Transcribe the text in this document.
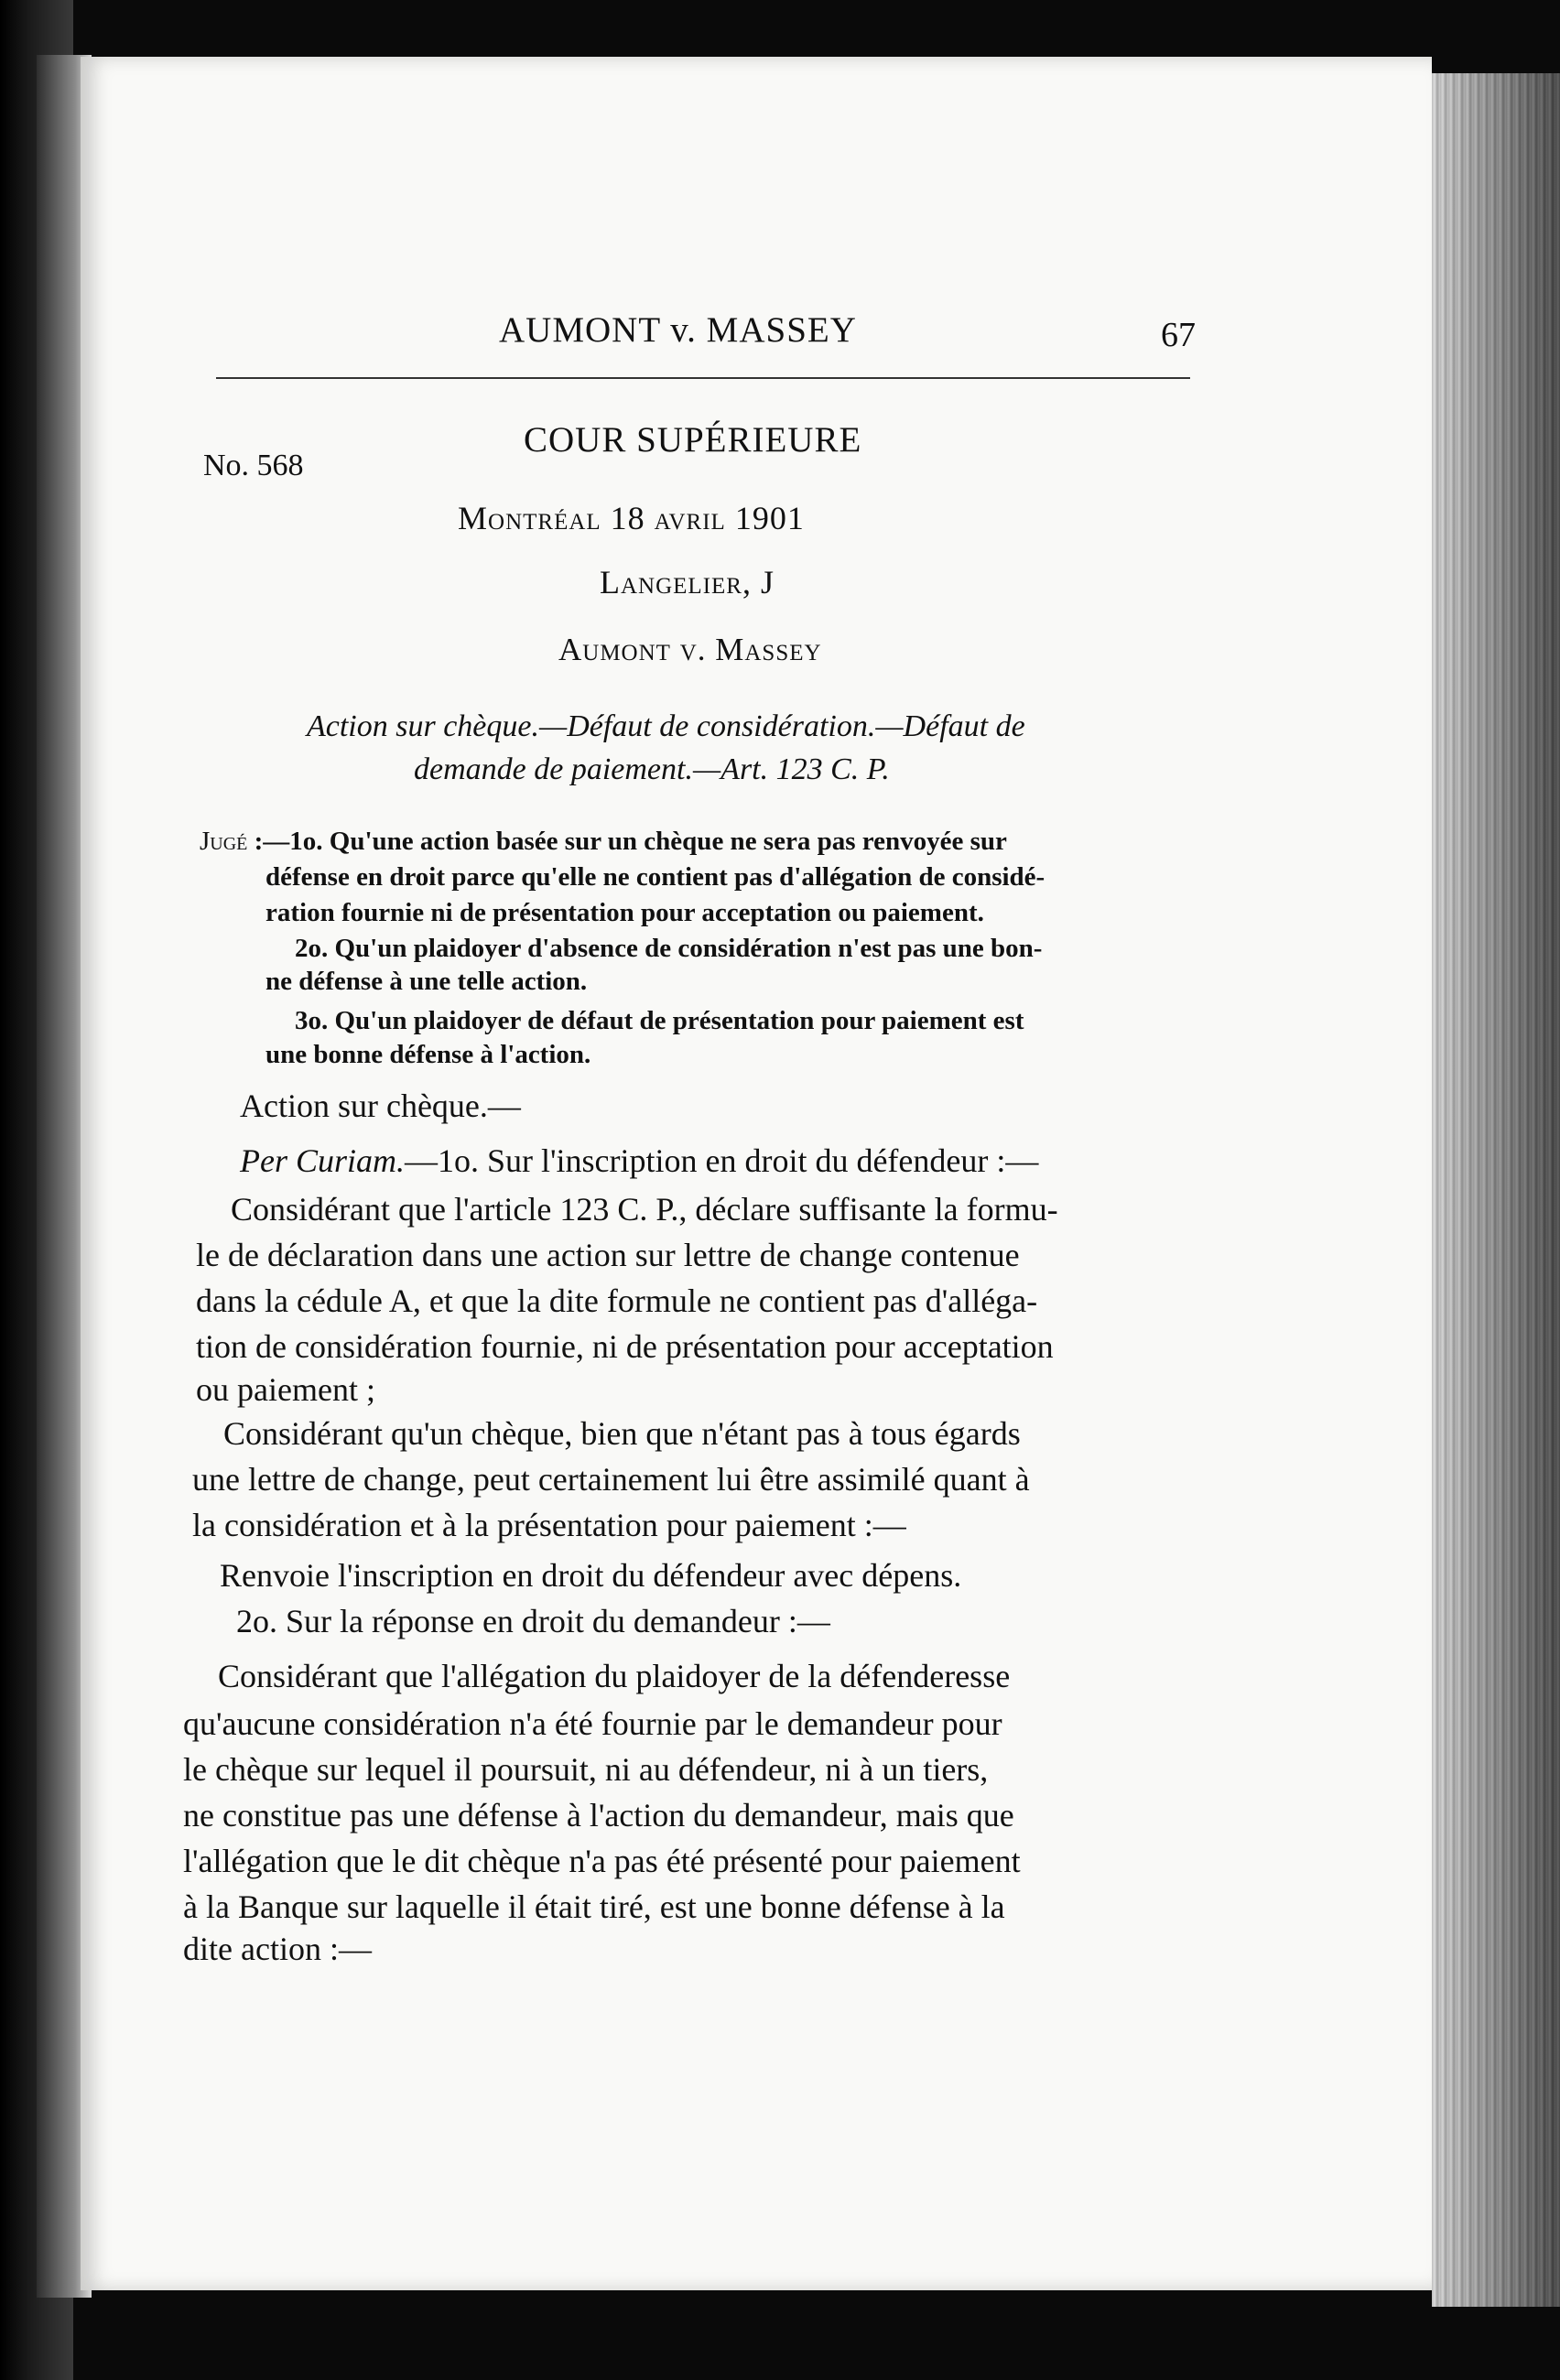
AUMONT v. MASSEY	67
No. 568
COUR SUPÉRIEURE
Montréal 18 avril 1901
Langelier, J
Aumont v. Massey
Action sur chèque.—Défaut de considération.—Défaut de
demande de paiement.—Art. 123 C. P.
Jugé :—1o. Qu'une action basée sur un chèque ne sera pas renvoyée sur
défense en droit parce qu'elle ne contient pas d'allégation de considé-
ration fournie ni de présentation pour acceptation ou paiement.
2o. Qu'un plaidoyer d'absence de considération n'est pas une bon-
ne défense à une telle action.
3o. Qu'un plaidoyer de défaut de présentation pour paiement est
une bonne défense à l'action.
Action sur chèque.—
Per Curiam.—1o. Sur l'inscription en droit du défendeur :—
Considérant que l'article 123 C. P., déclare suffisante la formu-
le de déclaration dans une action sur lettre de change contenue
dans la cédule A, et que la dite formule ne contient pas d'alléga-
tion de considération fournie, ni de présentation pour acceptation
ou paiement ;
Considérant qu'un chèque, bien que n'étant pas à tous égards
une lettre de change, peut certainement lui être assimilé quant à
la considération et à la présentation pour paiement :—
Renvoie l'inscription en droit du défendeur avec dépens.
2o. Sur la réponse en droit du demandeur :—
Considérant que l'allégation du plaidoyer de la défenderesse
qu'aucune considération n'a été fournie par le demandeur pour
le chèque sur lequel il poursuit, ni au défendeur, ni à un tiers,
ne constitue pas une défense à l'action du demandeur, mais que
l'allégation que le dit chèque n'a pas été présenté pour paiement
à la Banque sur laquelle il était tiré, est une bonne défense à la
dite action :—
